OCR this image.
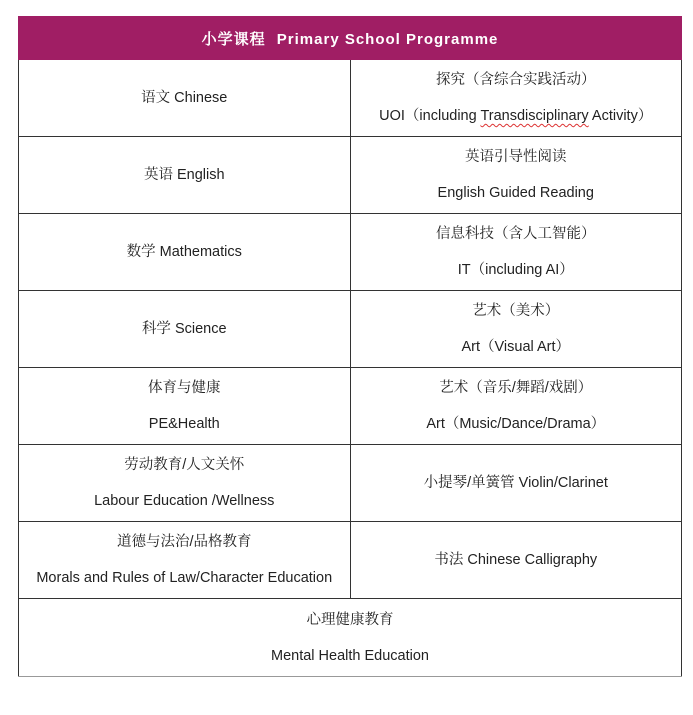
小学课程 Primary School Programme	

语文 Chinese	探究（含综合实践活动）
UOI（including Transdisciplinary Activity）

英语 English	英语引导性阅读
English Guided Reading

数学 Mathematics	信息科技（含人工智能）
IT（including AI）

科学 Science	艺术（美术）
Art（Visual Art）

体育与健康
PE&Health	艺术（音乐/舞蹈/戏剧）
Art（Music/Dance/Drama）

劳动教育/人文关怀
Labour Education /Wellness	小提琴/单簧管 Violin/Clarinet

道德与法治/品格教育
Morals and Rules of Law/Character Education	书法 Chinese Calligraphy

心理健康教育
Mental Health Education	
